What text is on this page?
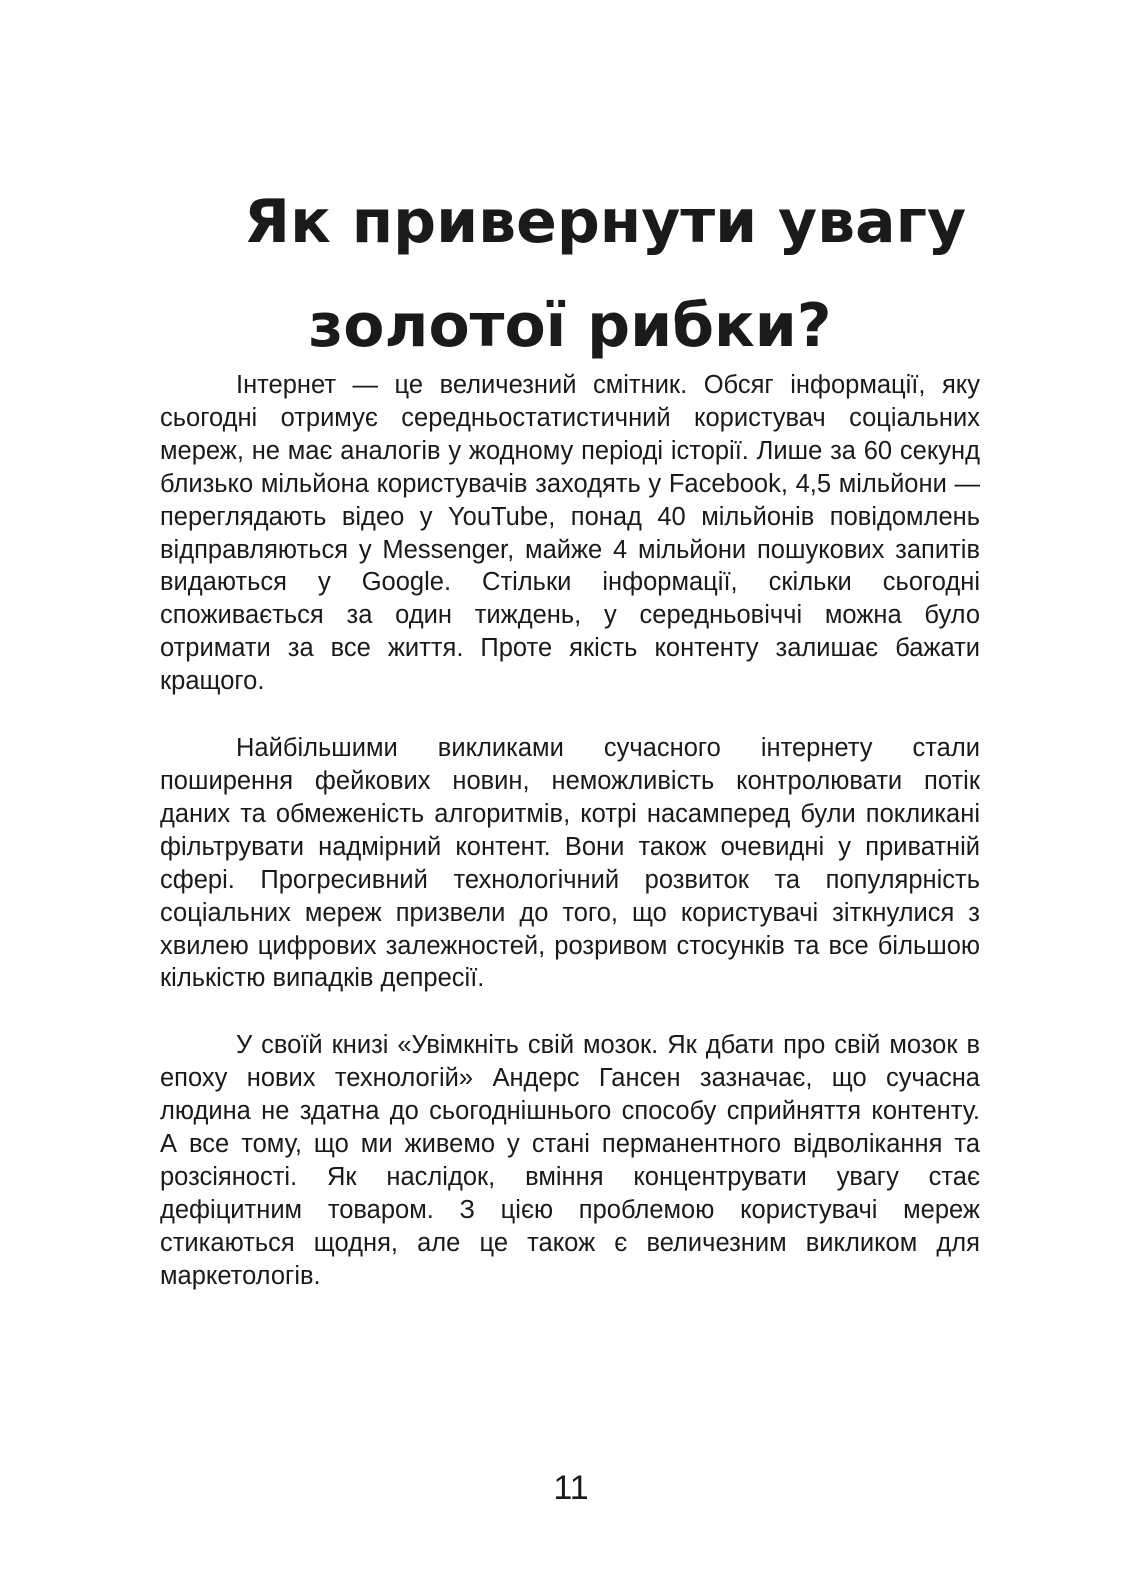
Як привернути увагу
золотої рибки?

Інтернет — це величезний смітник. Обсяг інформації, яку сьогодні отримує середньостатистичний користувач соціальних мереж, не має аналогів у жодному періоді історії. Лише за 60 секунд близько мільйона користувачів заходять у Facebook, 4,5 мільйони — переглядають відео у YouTube, понад 40 мільйонів повідомлень відправляються у Messenger, майже 4 мільйони пошукових запитів видаються у Google. Стільки інформації, скільки сьогодні споживається за один тиждень, у середньовіччі можна було отримати за все життя. Проте якість контенту залишає бажати кращого.

Найбільшими викликами сучасного інтернету стали поширення фейкових новин, неможливість контролювати потік даних та обмеженість алгоритмів, котрі насамперед були покликані фільтрувати надмірний контент. Вони також очевидні у приватній сфері. Прогресивний технологічний розвиток та популярність соціальних мереж призвели до того, що користувачі зіткнулися з хвилею цифрових залежностей, розривом стосунків та все більшою кількістю випадків депресії.

У своїй книзі «Увімкніть свій мозок. Як дбати про свій мозок в епоху нових технологій» Андерс Гансен зазначає, що сучасна людина не здатна до сьогоднішнього способу сприйняття контенту. А все тому, що ми живемо у стані перманентного відволікання та розсіяності. Як наслідок, вміння концентрувати увагу стає дефіцитним товаром. З цією проблемою користувачі мереж стикаються щодня, але це також є величезним викликом для маркетологів.

11
